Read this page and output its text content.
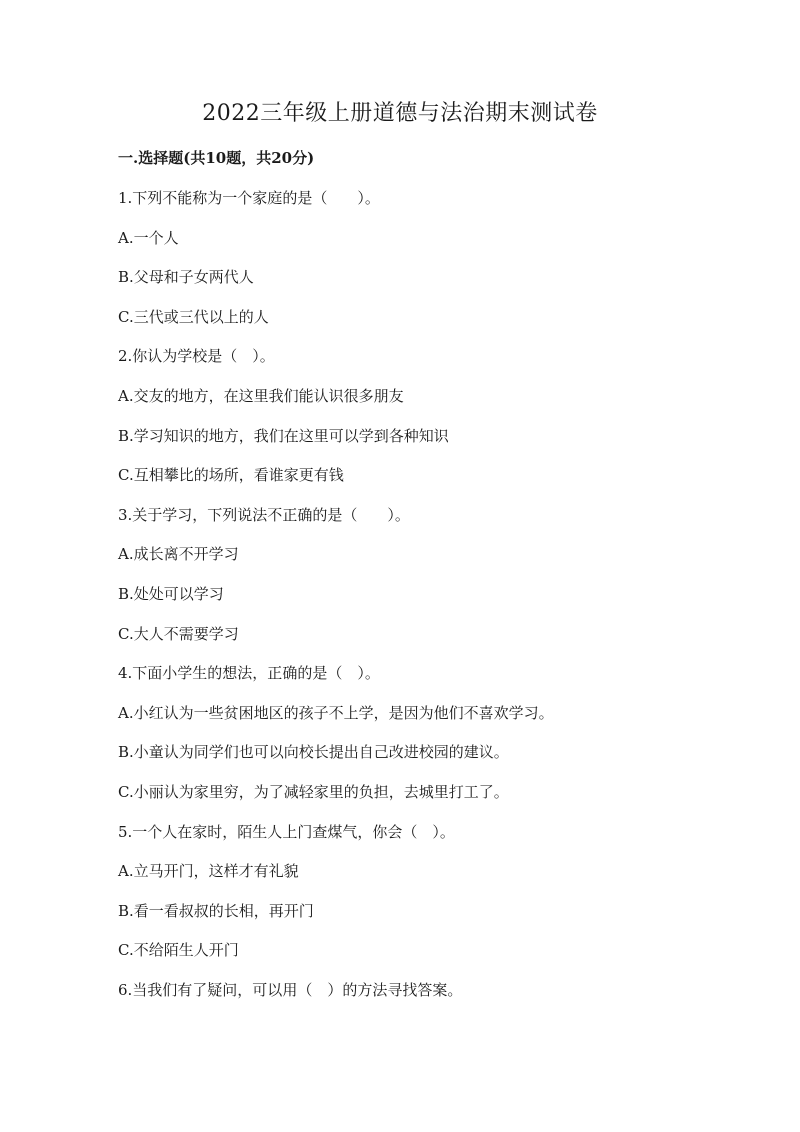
2022三年级上册道德与法治期末测试卷
一.选择题(共10题，共20分)
1.下列不能称为一个家庭的是（　　）。
A.一个人
B.父母和子女两代人
C.三代或三代以上的人
2.你认为学校是（　）。
A.交友的地方，在这里我们能认识很多朋友
B.学习知识的地方，我们在这里可以学到各种知识
C.互相攀比的场所，看谁家更有钱
3.关于学习，下列说法不正确的是（　　）。
A.成长离不开学习
B.处处可以学习
C.大人不需要学习
4.下面小学生的想法，正确的是（　）。
A.小红认为一些贫困地区的孩子不上学，是因为他们不喜欢学习。
B.小童认为同学们也可以向校长提出自己改进校园的建议。
C.小丽认为家里穷，为了减轻家里的负担，去城里打工了。
5.一个人在家时，陌生人上门查煤气，你会（　）。
A.立马开门，这样才有礼貌
B.看一看叔叔的长相，再开门
C.不给陌生人开门
6.当我们有了疑问，可以用（　）的方法寻找答案。
